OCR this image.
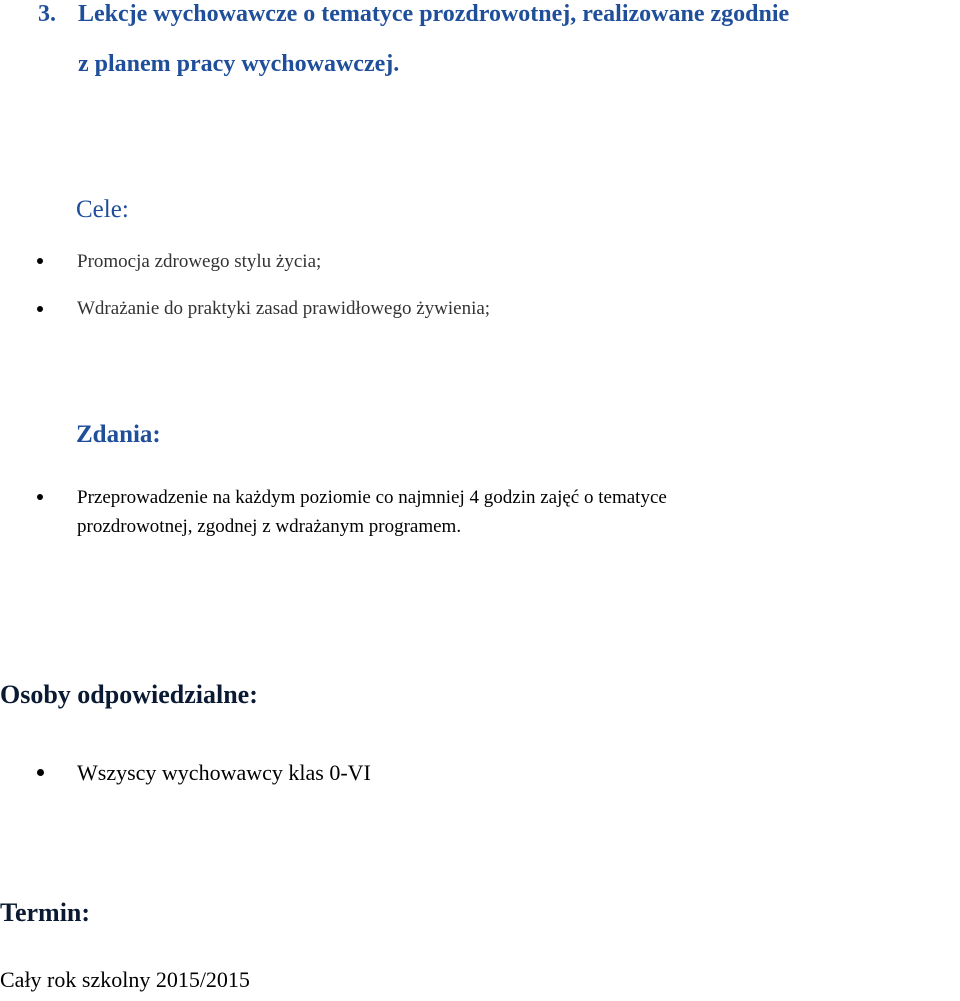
3. Lekcje wychowawcze o tematyce prozdrowotnej, realizowane zgodnie
z planem pracy wychowawczej.
Cele:
Promocja zdrowego stylu życia;
Wdrażanie do praktyki zasad prawidłowego żywienia;
Zdania:
Przeprowadzenie na każdym poziomie co najmniej 4 godzin zajęć o tematyce
prozdrowotnej, zgodnej z wdrażanym programem.
Osoby odpowiedzialne:
Wszyscy wychowawcy klas 0-VI
Termin:
Cały rok szkolny 2015/2015
